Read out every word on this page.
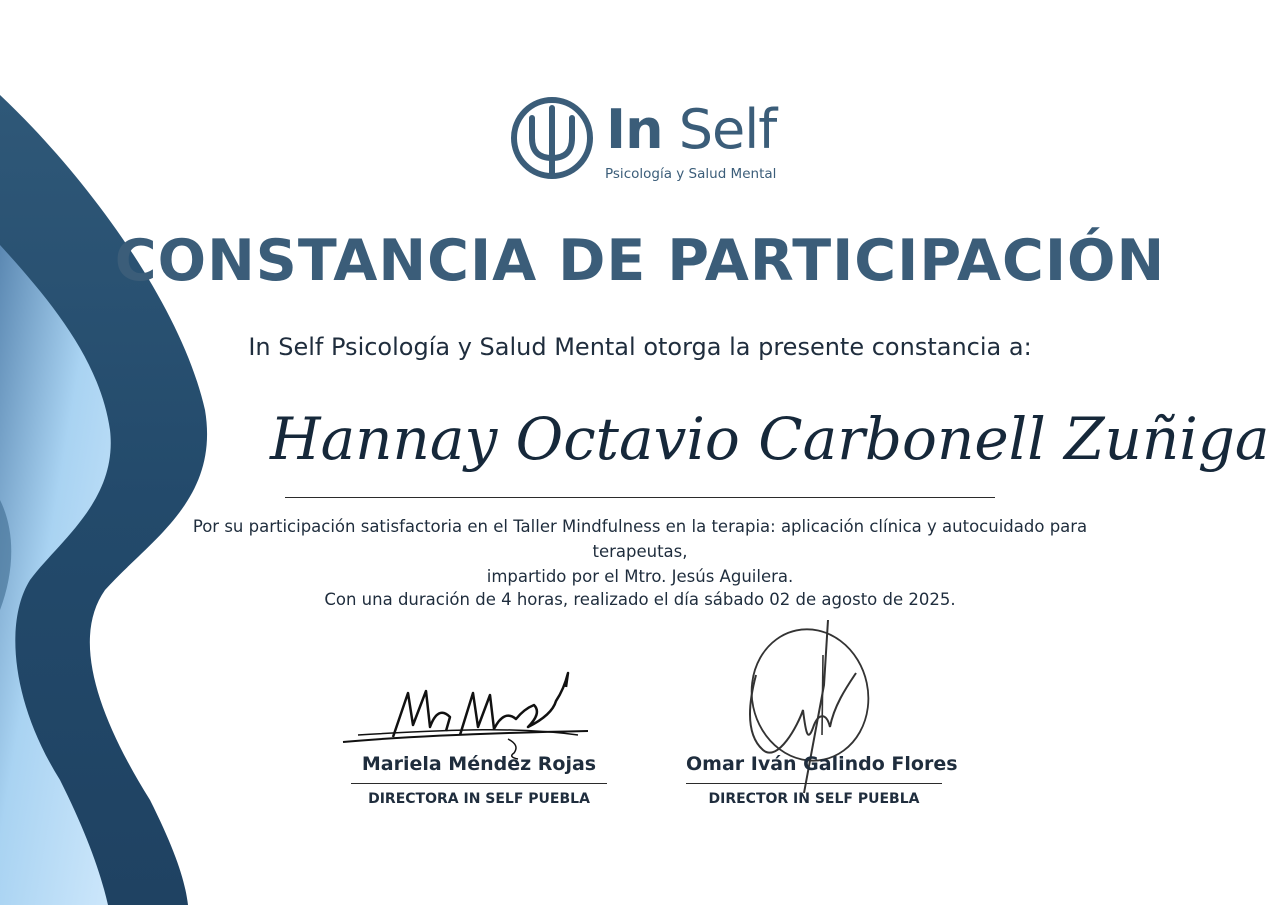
In Self
Psicología y Salud Mental
CONSTANCIA DE PARTICIPACIÓN
In Self Psicología y Salud Mental otorga la presente constancia a:
Hannay Octavio Carbonell Zuñiga
Por su participación satisfactoria en el Taller Mindfulness en la terapia: aplicación clínica y autocuidado para terapeutas,
impartido por el Mtro. Jesús Aguilera.
Con una duración de 4 horas, realizado el día sábado 02 de agosto de 2025.
Mariela Méndez Rojas
DIRECTORA IN SELF PUEBLA
Omar Iván Galindo Flores
DIRECTOR IN SELF PUEBLA
